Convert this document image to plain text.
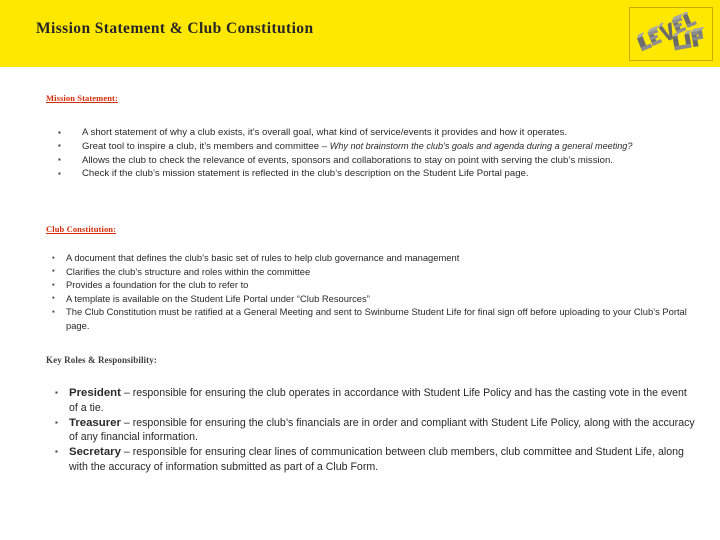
Mission Statement & Club Constitution
Mission Statement:
▪ A short statement of why a club exists, it’s overall goal, what kind of service/events it provides and how it operates.
▪ Great tool to inspire a club, it’s members and committee – Why not brainstorm the club’s goals and agenda during a general meeting?
▪ Allows the club to check the relevance of events, sponsors and collaborations to stay on point with serving the club’s mission.
▪ Check if the club’s mission statement is reflected in the club’s description on the Student Life Portal page.
Club Constitution:
▪ A document that defines the club’s basic set of rules to help club governance and management
▪ Clarifies the club’s structure and roles within the committee
▪ Provides a foundation for the club to refer to
▪ A template is available on the Student Life Portal under “Club Resources”
▪ The Club Constitution must be ratified at a General Meeting and sent to Swinburne Student Life for final sign off before uploading to your Club’s Portal page.
Key Roles & Responsibility:
▪ President – responsible for ensuring the club operates in accordance with Student Life Policy and has the casting vote in the event of a tie.
▪ Treasurer – responsible for ensuring the club’s financials are in order and compliant with Student Life Policy, along with the accuracy of any financial information.
▪ Secretary – responsible for ensuring clear lines of communication between club members, club committee and Student Life, along with the accuracy of information submitted as part of a Club Form.
